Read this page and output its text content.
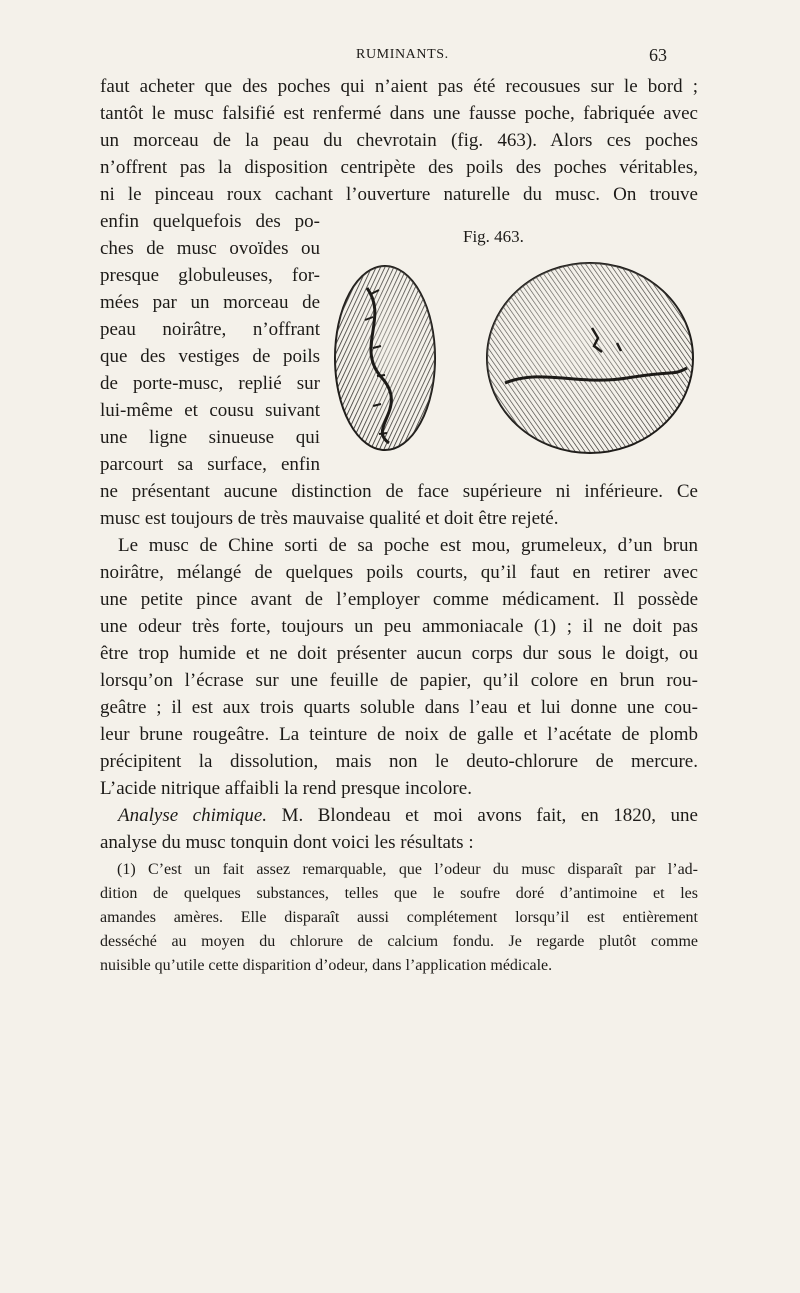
RUMINANTS.	63
faut acheter que des poches qui n’aient pas été recousues sur le bord ;
tantôt le musc falsifié est renfermé dans une fausse poche, fabriquée avec
un morceau de la peau du chevrotain (fig. 463). Alors ces poches
n’offrent pas la disposition centripète des poils des poches véritables,
ni le pinceau roux cachant l’ouverture naturelle du musc. On trouve
enfin quelquefois des po-
ches de musc ovoïdes ou
presque globuleuses, for-
mées par un morceau de
peau noirâtre, n’offrant
que des vestiges de poils
de porte-musc, replié sur
lui-même et cousu suivant
une ligne sinueuse qui
parcourt sa surface, enfin
ne présentant aucune distinction de face supérieure ni inférieure. Ce
musc est toujours de très mauvaise qualité et doit être rejeté.
Le musc de Chine sorti de sa poche est mou, grumeleux, d’un brun
noirâtre, mélangé de quelques poils courts, qu’il faut en retirer avec
une petite pince avant de l’employer comme médicament. Il possède
une odeur très forte, toujours un peu ammoniacale (1) ; il ne doit pas
être trop humide et ne doit présenter aucun corps dur sous le doigt, ou
lorsqu’on l’écrase sur une feuille de papier, qu’il colore en brun rou-
geâtre ; il est aux trois quarts soluble dans l’eau et lui donne une cou-
leur brune rougeâtre. La teinture de noix de galle et l’acétate de plomb
précipitent la dissolution, mais non le deuto-chlorure de mercure.
L’acide nitrique affaibli la rend presque incolore.
Analyse chimique. M. Blondeau et moi avons fait, en 1820, une
analyse du musc tonquin dont voici les résultats :
Fig. 463.
(1) C’est un fait assez remarquable, que l’odeur du musc disparaît par l’ad-
dition de quelques substances, telles que le soufre doré d’antimoine et les
amandes amères. Elle disparaît aussi complétement lorsqu’il est entièrement
desséché au moyen du chlorure de calcium fondu. Je regarde plutôt comme
nuisible qu’utile cette disparition d’odeur, dans l’application médicale.
